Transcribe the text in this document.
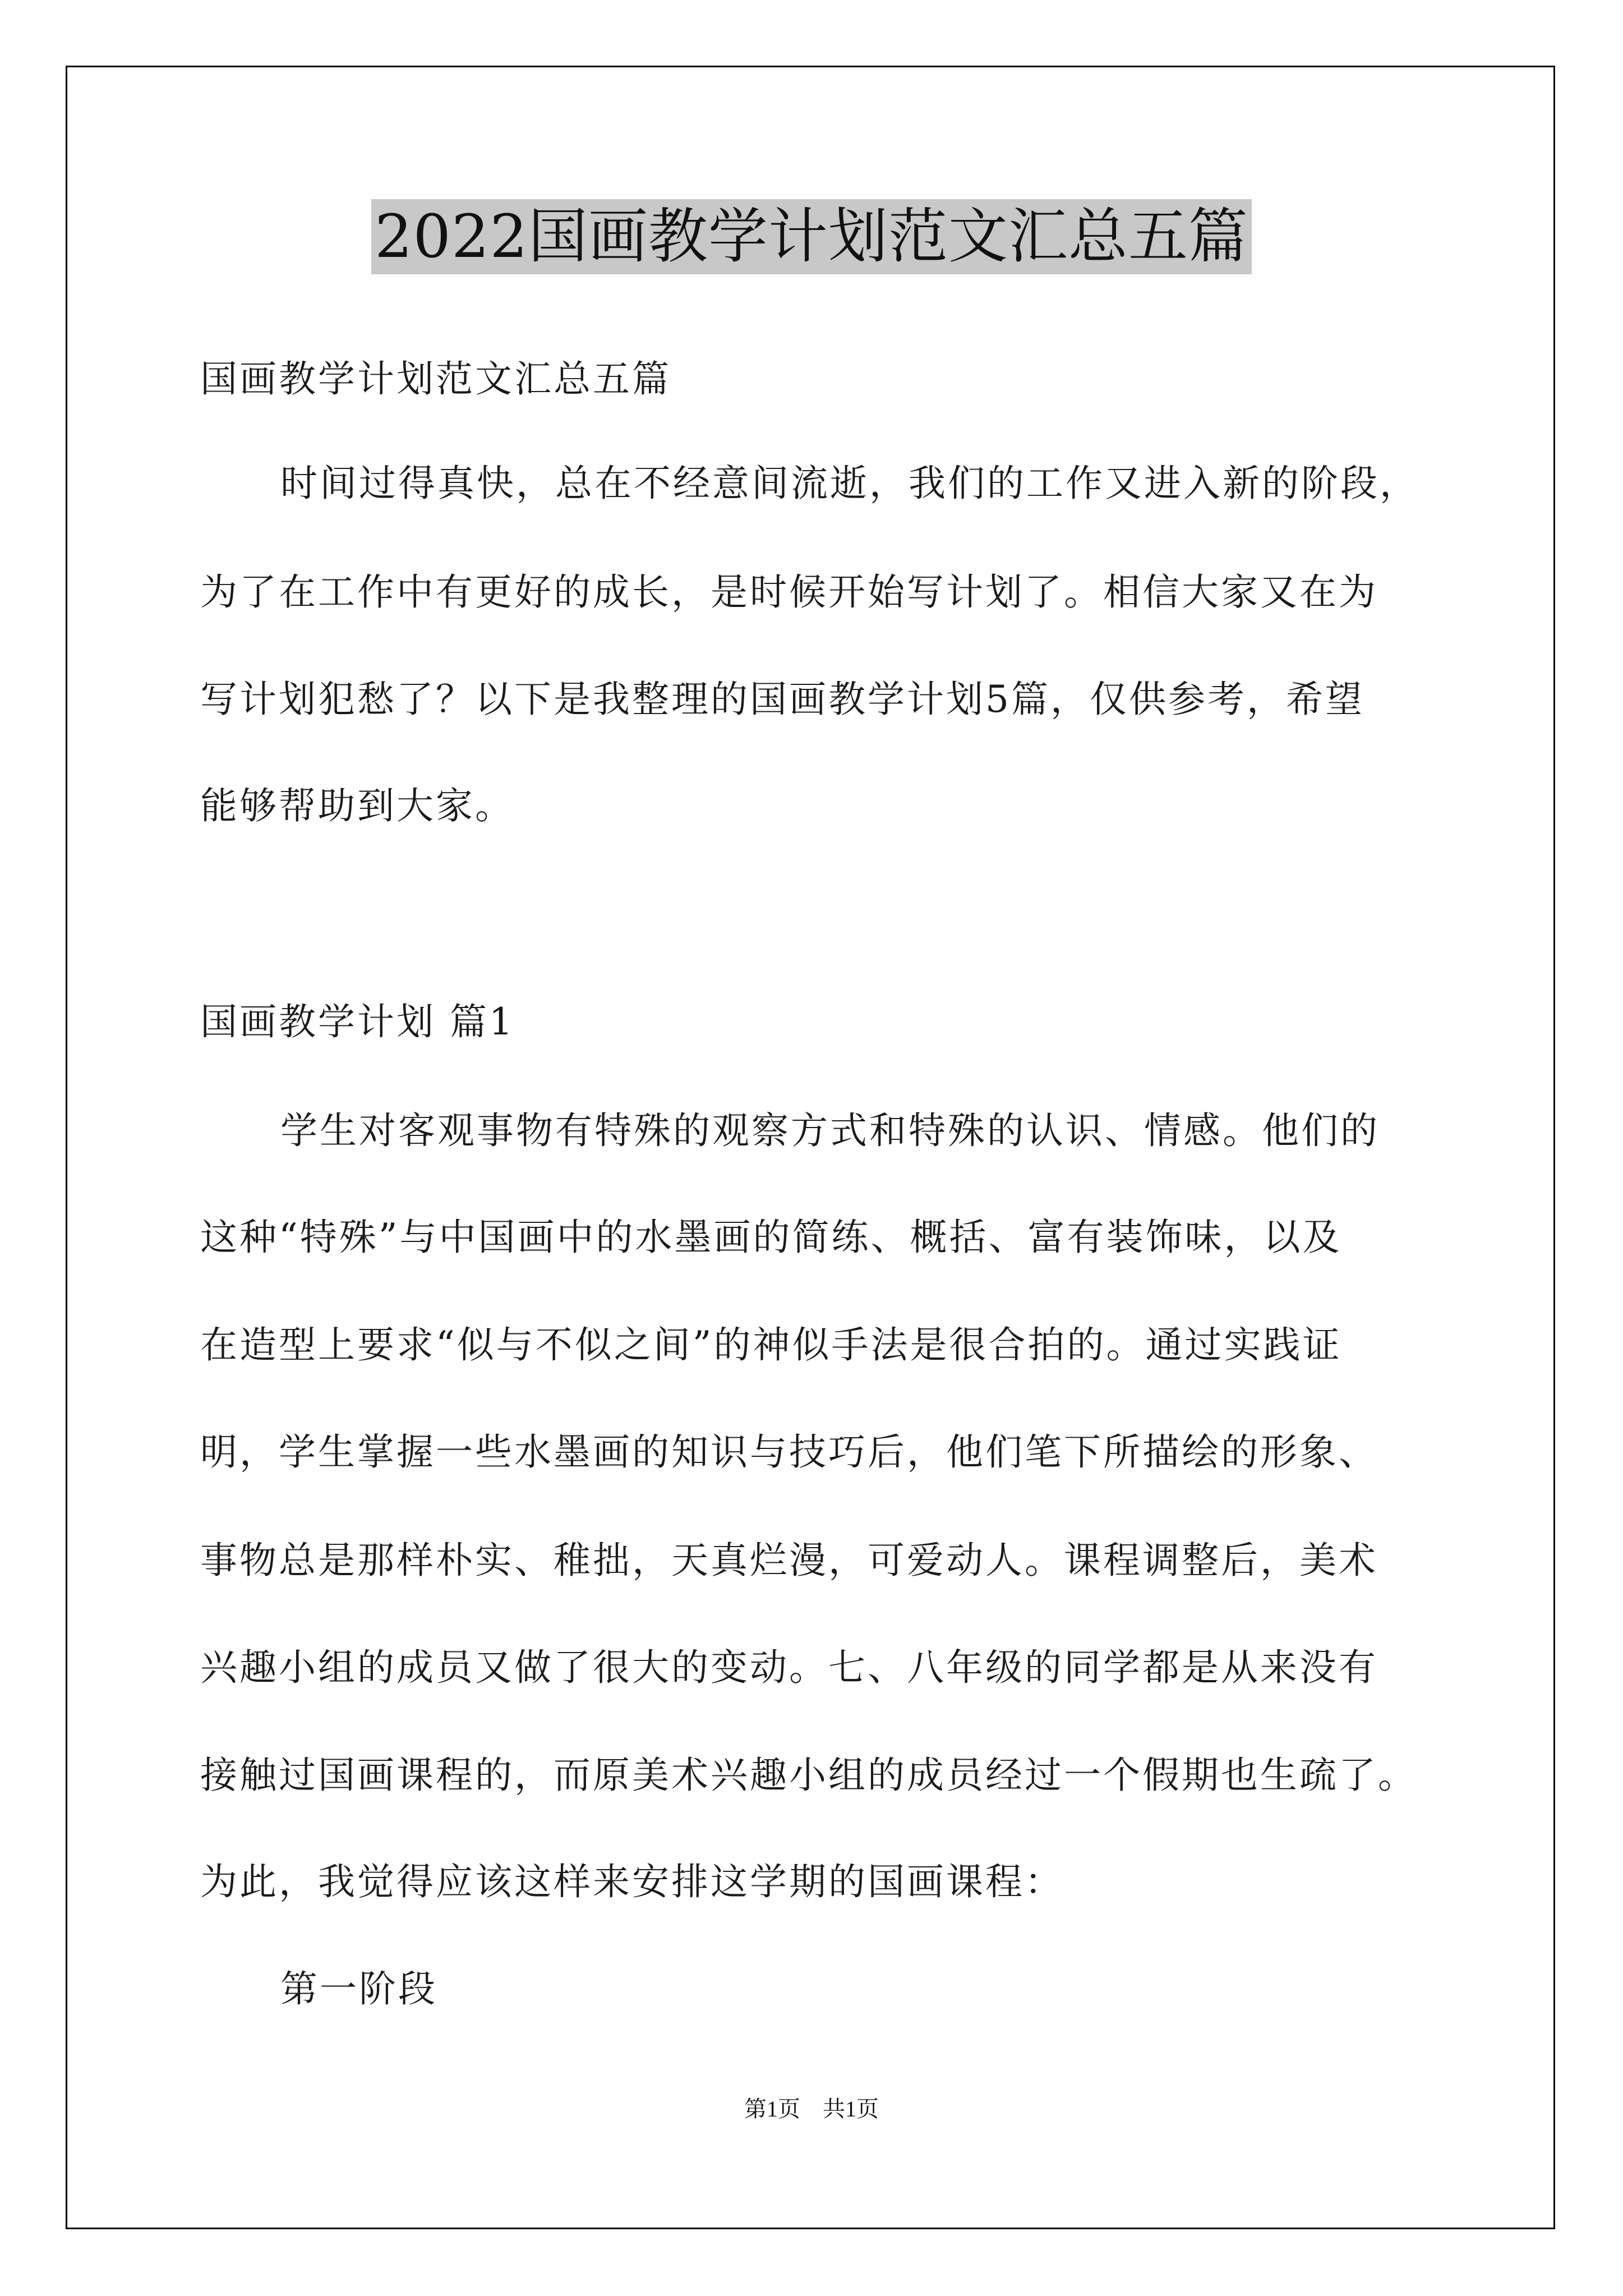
2022国画教学计划范文汇总五篇
国画教学计划范文汇总五篇
时间过得真快，总在不经意间流逝，我们的工作又进入新的阶段，
为了在工作中有更好的成长，是时候开始写计划了。相信大家又在为
写计划犯愁了？以下是我整理的国画教学计划5篇，仅供参考，希望
能够帮助到大家。
国画教学计划 篇1
学生对客观事物有特殊的观察方式和特殊的认识、情感。他们的
这种“特殊”与中国画中的水墨画的简练、概括、富有装饰味，以及
在造型上要求“似与不似之间”的神似手法是很合拍的。通过实践证
明，学生掌握一些水墨画的知识与技巧后，他们笔下所描绘的形象、
事物总是那样朴实、稚拙，天真烂漫，可爱动人。课程调整后，美术
兴趣小组的成员又做了很大的变动。七、八年级的同学都是从来没有
接触过国画课程的，而原美术兴趣小组的成员经过一个假期也生疏了。
为此，我觉得应该这样来安排这学期的国画课程：
第一阶段
第1页　共1页
